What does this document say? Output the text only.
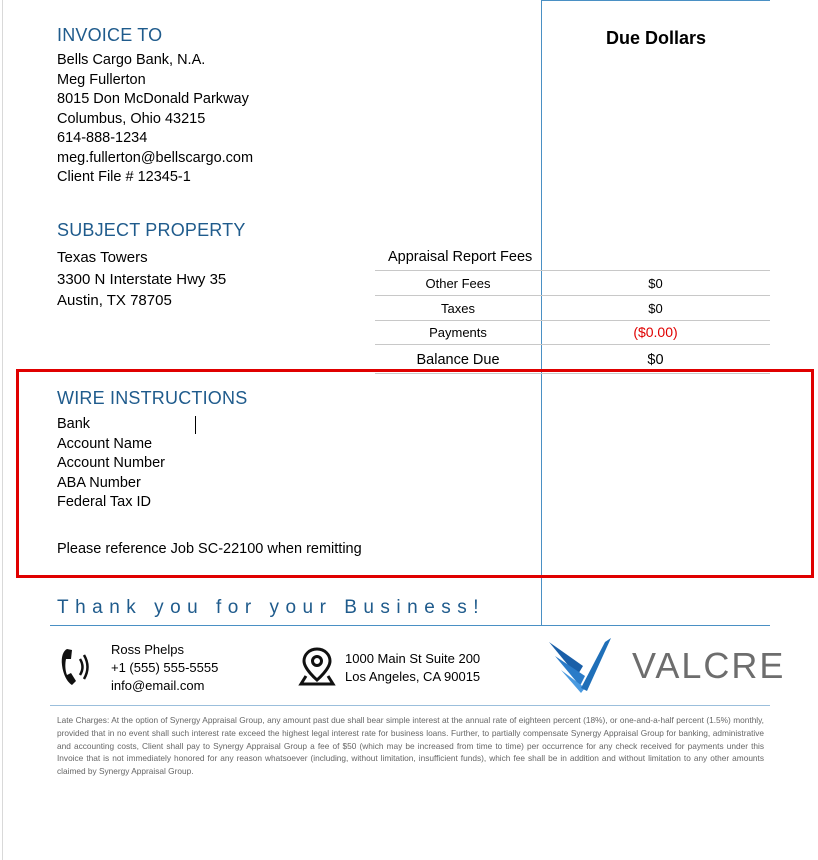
INVOICE TO
Bells Cargo Bank, N.A.
Meg Fullerton
8015 Don McDonald Parkway
Columbus, Ohio 43215
614-888-1234
meg.fullerton@bellscargo.com
Client File # 12345-1
Due Dollars
SUBJECT PROPERTY
Texas Towers
3300 N Interstate Hwy 35
Austin, TX 78705
Appraisal Report Fees
Other Fees	$0
Taxes	$0
Payments	($0.00)
Balance Due	$0
WIRE INSTRUCTIONS
Bank
Account Name
Account Number
ABA Number
Federal Tax ID
Please reference Job SC-22100 when remitting
Thank you for your Business!
Ross Phelps
+1 (555) 555-5555
info@email.com
1000 Main St Suite 200
Los Angeles, CA 90015	VALCRE
Late Charges: At the option of Synergy Appraisal Group, any amount past due shall bear simple interest at the annual rate of eighteen percent (18%), or one-and-a-half percent (1.5%) monthly, provided that in no event shall such interest rate exceed the highest legal interest rate for business loans. Further, to partially compensate Synergy Appraisal Group for banking, administrative and accounting costs, Client shall pay to Synergy Appraisal Group a fee of $50 (which may be increased from time to time) per occurrence for any check received for payments under this Invoice that is not immediately honored for any reason whatsoever (including, without limitation, insufficient funds), which fee shall be in addition and without limitation to any other amounts claimed by Synergy Appraisal Group.
